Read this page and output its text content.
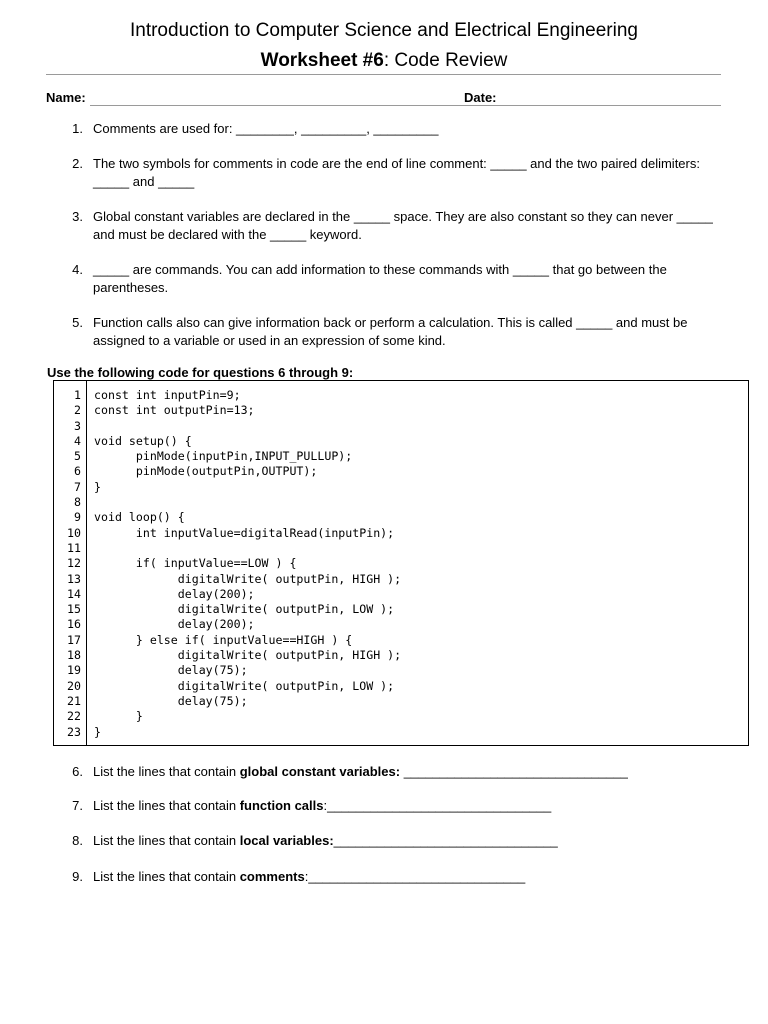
Introduction to Computer Science and Electrical Engineering
Worksheet #6: Code Review
Name:	Date:
1. Comments are used for: ________, _________, _________
2. The two symbols for comments in code are the end of line comment: _____ and the two paired delimiters: _____ and _____
3. Global constant variables are declared in the _____ space. They are also constant so they can never _____ and must be declared with the _____ keyword.
4. _____ are commands. You can add information to these commands with _____ that go between the parentheses.
5. Function calls also can give information back or perform a calculation. This is called _____ and must be assigned to a variable or used in an expression of some kind.
Use the following code for questions 6 through 9:
1 const int inputPin=9;
2 const int outputPin=13;
3
4 void setup() {
5 pinMode(inputPin,INPUT_PULLUP);
6 pinMode(outputPin,OUTPUT);
7 }
8
9 void loop() {
10 int inputValue=digitalRead(inputPin);
11
12 if( inputValue==LOW ) {
13 digitalWrite( outputPin, HIGH );
14 delay(200);
15 digitalWrite( outputPin, LOW );
16 delay(200);
17 } else if( inputValue==HIGH ) {
18 digitalWrite( outputPin, HIGH );
19 delay(75);
20 digitalWrite( outputPin, LOW );
21 delay(75);
22 }
23 }
6. List the lines that contain global constant variables: _______________________________
7. List the lines that contain function calls:_______________________________
8. List the lines that contain local variables:_______________________________
9. List the lines that contain comments:______________________________
